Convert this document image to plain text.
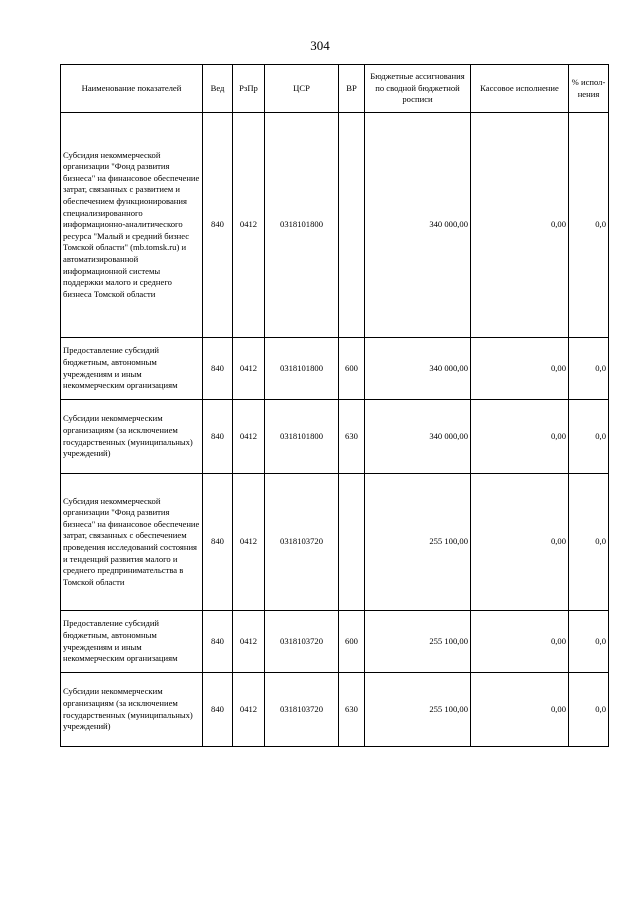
304
Наименование показателей	Вед	РзПр	ЦСР	ВР	Бюджетные ассигнования по сводной бюджетной росписи	Кассовое исполнение	% испол-нения
Субсидия некоммерческой организации "Фонд развития бизнеса" на финансовое обеспечение затрат, связанных с развитием и обеспечением функционирования специализированного информационно-аналитического ресурса "Малый и средний бизнес Томской области" (mb.tomsk.ru) и автоматизированной информационной системы поддержки малого и среднего бизнеса Томской области	840	0412	0318101800		340 000,00	0,00	0,0
Предоставление субсидий бюджетным, автономным учреждениям и иным некоммерческим организациям	840	0412	0318101800	600	340 000,00	0,00	0,0
Субсидии некоммерческим организациям (за исключением государственных (муниципальных) учреждений)	840	0412	0318101800	630	340 000,00	0,00	0,0
Субсидия некоммерческой организации "Фонд развития бизнеса" на финансовое обеспечение затрат, связанных с обеспечением проведения исследований состояния и тенденций развития малого и среднего предпринимательства в Томской области	840	0412	0318103720		255 100,00	0,00	0,0
Предоставление субсидий бюджетным, автономным учреждениям и иным некоммерческим организациям	840	0412	0318103720	600	255 100,00	0,00	0,0
Субсидии некоммерческим организациям (за исключением государственных (муниципальных) учреждений)	840	0412	0318103720	630	255 100,00	0,00	0,0
